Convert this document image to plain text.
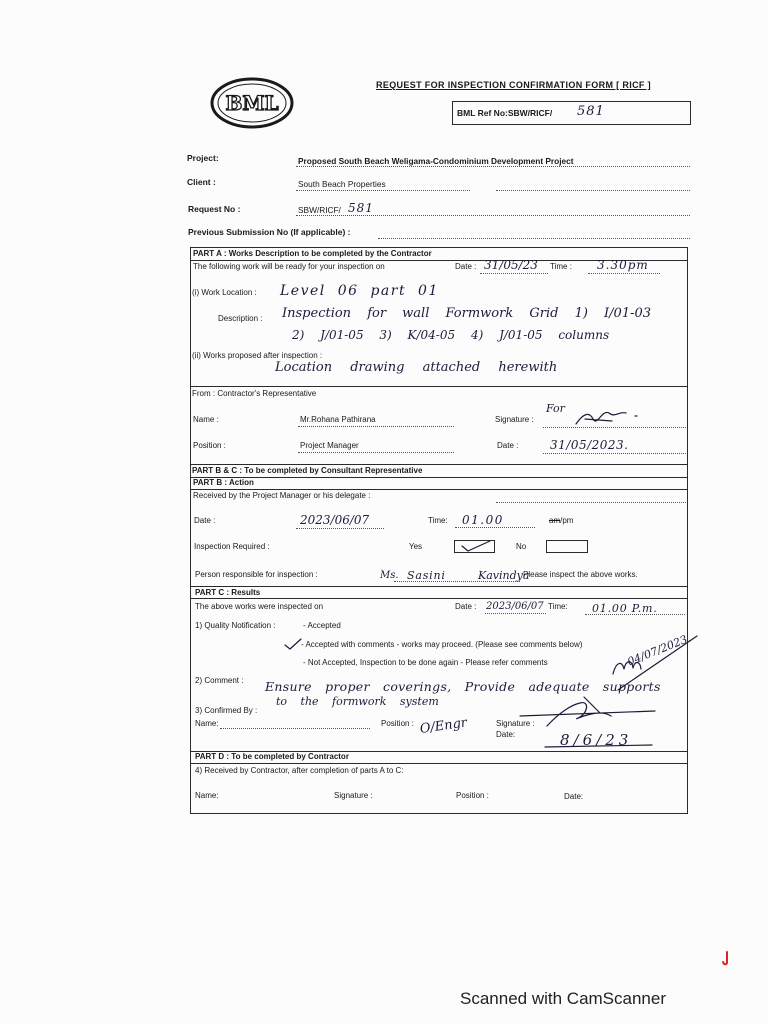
BML
REQUEST FOR INSPECTION CONFIRMATION FORM [ RICF ]
BML Ref No:SBW/RICF/ 581
Project:	Proposed South Beach Weligama-Condominium Development Project
Client :	South Beach Properties
Request No :	SBW/RICF/ 581
Previous Submission No (If applicable) :
PART A : Works Description to be completed by the Contractor
The following work will be ready for your inspection on	Date : 31/05/23 Time : 3.30pm
(i) Work Location : Level 06 part 01
Description : Inspection for wall Formwork Grid 1) I/01-03
2) J/01-05 3) K/04-05 4) J/01-05 columns
(ii) Works proposed after inspection :
Location drawing attached herewith
From : Contractor's Representative
Name :	Mr.Rohana Pathirana	Signature :
For
Position :	Project Manager	Date :	31/05/2023.
PART B & C : To be completed by Consultant Representative
PART B : Action
Received by the Project Manager or his delegate :
Date :	2023/06/07	Time: 01.00	am/pm
Inspection Required :	Yes	No
Person responsible for inspection :	Ms. Sasini	Kavindya
Please inspect the above works.
PART C : Results
The above works were inspected on	Date : 2023/06/07 Time: 01.00 P.m.
1) Quality Notification :	- Accepted
- Accepted with comments - works may proceed. (Please see comments below)
- Not Accepted, Inspection to be done again - Please refer comments
2) Comment : Ensure proper coverings, Provide adequate supports
to the formwork system
04/07/2023.
3) Confirmed By :
Name:	Position : O/Engr	Signature :
Date:	8/6/23
PART D : To be completed by Contractor
4) Received by Contractor, after completion of parts A to C:
Name:	Signature :	Position :	Date:
Scanned with CamScanner
